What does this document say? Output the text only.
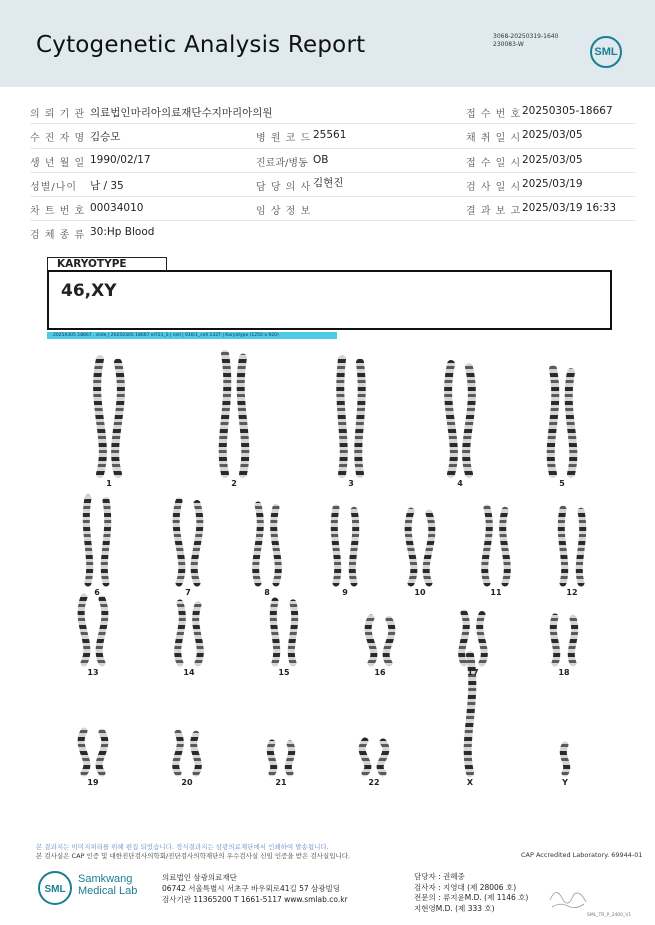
Cytogenetic Analysis Report	3068-20250319-1640
230083-W
SML
의 뢰 기 관 의료법인마리아의료재단수지마리아의원	접 수 번 호 20250305-18667
수 진 자 명 김승모	병 원 코 드 25561	채 취 일 시 2025/03/05
생 년 월 일 1990/02/17	진료과/병동 OB	접 수 일 시 2025/03/05
성별/나이 남 / 35	담 당 의 사 김현진	검 사 일 시 2025/03/19
차 트 번 호 00034010	임 상 정 보	결 과 보 고 2025/03/19 16:33
검 체 종 류 30:Hp Blood
KARYOTYPE
46,XY
20250305 18667 . slide | 20250305 18667 el721_S | cell | 016/1_cell 1327 | Karyotype (1250 x 920)
1	2	3	4	5
6	7	8	9	10	11	12
13	14	15	16	17	18
19	20	21	22	X	Y
본 결과지는 이미지처리를 위해 편집 되었습니다. 정식결과지는 삼광의료재단에서 인쇄하여 발송됩니다.
본 검사실은 CAP 인증 및 대한진단검사의학회/진단검사의학재단의 우수검사실 신임 인증을 받은 검사실입니다.	CAP Accredited Laboratory. 69944-01
SML
Samkwang
Medical Lab
의료법인 삼광의료재단
06742 서울특별시 서초구 바우뫼로41길 57 삼광빌딩
검사기관 11365200 T 1661-5117 www.smlab.co.kr
담당자 : 권혜중
검사자 : 지영대 (제 28006 호)
전문의 : 류지윤M.D. (제 1146 호)
지현영M.D. (제 333 호)
SML_TR_P_2400_V1
